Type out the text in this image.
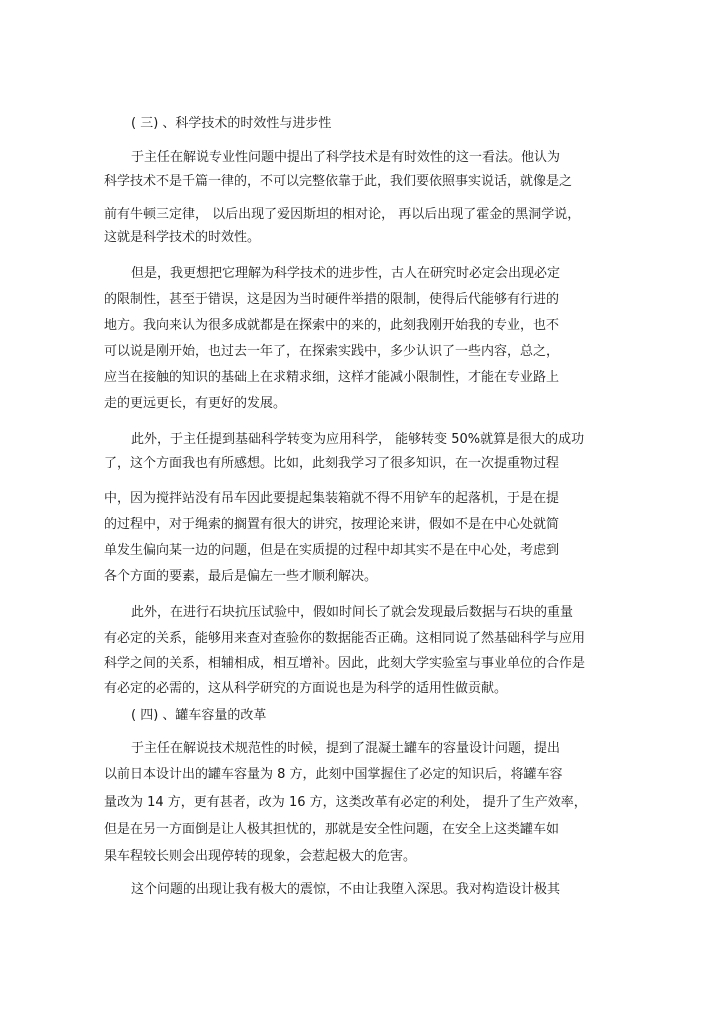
( 三) 、科学技术的时效性与进步性
于主任在解说专业性问题中提出了科学技术是有时效性的这一看法。他认为
科学技术不是千篇一律的，不可以完整依靠于此，我们要依照事实说话，就像是之
前有牛顿三定律， 以后出现了爱因斯坦的相对论， 再以后出现了霍金的黑洞学说，
这就是科学技术的时效性。
但是，我更想把它理解为科学技术的进步性，古人在研究时必定会出现必定
的限制性，甚至于错误，这是因为当时硬件举措的限制，使得后代能够有行进的
地方。我向来认为很多成就都是在探索中的来的，此刻我刚开始我的专业，也不
可以说是刚开始，也过去一年了，在探索实践中，多少认识了一些内容，总之，
应当在接触的知识的基础上在求精求细，这样才能减小限制性，才能在专业路上
走的更远更长，有更好的发展。
此外，于主任提到基础科学转变为应用科学， 能够转变 50%就算是很大的成功
了，这个方面我也有所感想。比如，此刻我学习了很多知识，在一次提重物过程
中，因为搅拌站没有吊车因此要提起集装箱就不得不用铲车的起落机，于是在提
的过程中，对于绳索的搁置有很大的讲究，按理论来讲，假如不是在中心处就简
单发生偏向某一边的问题，但是在实质提的过程中却其实不是在中心处，考虑到
各个方面的要素，最后是偏左一些才顺利解决。
此外，在进行石块抗压试验中，假如时间长了就会发现最后数据与石块的重量
有必定的关系，能够用来查对查验你的数据能否正确。这相同说了然基础科学与应用
科学之间的关系，相辅相成，相互增补。因此，此刻大学实验室与事业单位的合作是
有必定的必需的，这从科学研究的方面说也是为科学的适用性做贡献。
( 四) 、罐车容量的改革
于主任在解说技术规范性的时候，提到了混凝土罐车的容量设计问题，提出
以前日本设计出的罐车容量为 8 方，此刻中国掌握住了必定的知识后，将罐车容
量改为 14 方，更有甚者，改为 16 方，这类改革有必定的利处， 提升了生产效率，
但是在另一方面倒是让人极其担忧的，那就是安全性问题，在安全上这类罐车如
果车程较长则会出现停转的现象，会惹起极大的危害。
这个问题的出现让我有极大的震惊，不由让我堕入深思。我对构造设计极其
